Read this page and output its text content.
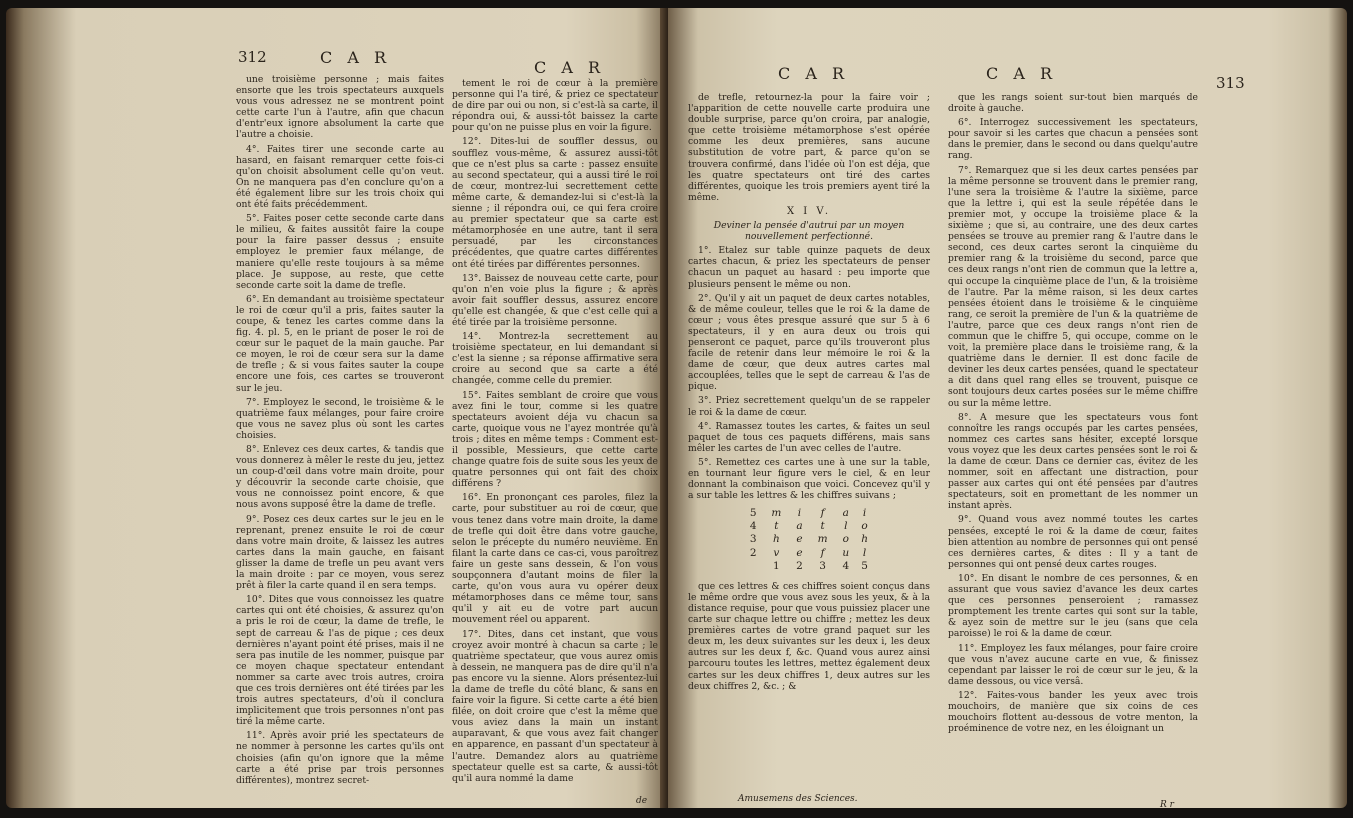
312	C A R
C A R

une troisième personne ; mais faites ensorte que les trois spectateurs auxquels vous vous adressez ne se montrent point cette carte l'un à l'autre, afin que chacun d'entr'eux ignore absolument la carte que l'autre a choisie.

4°. Faites tirer une seconde carte au hasard, en faisant remarquer cette fois-ci qu'on choisit absolument celle qu'on veut. On ne manquera pas d'en conclure qu'on a été également libre sur les trois choix qui ont été faits précédemment.

5°. Faites poser cette seconde carte dans le milieu, & faites aussitôt faire la coupe pour la faire passer dessus ; ensuite employez le premier faux mélange, de maniere qu'elle reste toujours à sa même place. Je suppose, au reste, que cette seconde carte soit la dame de trefle.

6°. En demandant au troisième spectateur le roi de cœur qu'il a pris, faites sauter la coupe, & tenez les cartes comme dans la fig. 4. pl. 5, en le priant de poser le roi de cœur sur le paquet de la main gauche. Par ce moyen, le roi de cœur sera sur la dame de trefle ; & si vous faites sauter la coupe encore une fois, ces cartes se trouveront sur le jeu.

7°. Employez le second, le troisième & le quatrième faux mélanges, pour faire croire que vous ne savez plus où sont les cartes choisies.

8°. Enlevez ces deux cartes, & tandis que vous donnerez à mêler le reste du jeu, jettez un coup-d'œil dans votre main droite, pour y découvrir la seconde carte choisie, que vous ne connoissez point encore, & que nous avons supposé être la dame de trefle.

9°. Posez ces deux cartes sur le jeu en le reprenant, prenez ensuite le roi de cœur dans votre main droite, & laissez les autres cartes dans la main gauche, en faisant glisser la dame de trefle un peu avant vers la main droite : par ce moyen, vous serez prêt à filer la carte quand il en sera temps.

10°. Dites que vous connoissez les quatre cartes qui ont été choisies, & assurez qu'on a pris le roi de cœur, la dame de trefle, le sept de carreau & l'as de pique ; ces deux dernières n'ayant point été prises, mais il ne sera pas inutile de les nommer, puisque par ce moyen chaque spectateur entendant nommer sa carte avec trois autres, croira que ces trois dernières ont été tirées par les trois autres spectateurs, d'où il conclura implicitement que trois personnes n'ont pas tiré la même carte.

11°. Après avoir prié les spectateurs de ne nommer à personne les cartes qu'ils ont choisies (afin qu'on ignore que la même carte a été prise par trois personnes différentes), montrez secret-

tement le roi de cœur à la première personne qui l'a tiré, & priez ce spectateur de dire par oui ou non, si c'est-là sa carte, il répondra oui, & aussi-tôt baissez la carte pour qu'on ne puisse plus en voir la figure.

12°. Dites-lui de souffler dessus, ou soufflez vous-même, & assurez aussi-tôt que ce n'est plus sa carte : passez ensuite au second spectateur, qui a aussi tiré le roi de cœur, montrez-lui secrettement cette même carte, & demandez-lui si c'est-là la sienne ; il répondra oui, ce qui fera croire au premier spectateur que sa carte est métamorphosée en une autre, tant il sera persuadé, par les circonstances précédentes, que quatre cartes différentes ont été tirées par différentes personnes.

13°. Baissez de nouveau cette carte, pour qu'on n'en voie plus la figure ; & après avoir fait souffler dessus, assurez encore qu'elle est changée, & que c'est celle qui a été tirée par la troisième personne.

14°. Montrez-la secrettement au troisième spectateur, en lui demandant si c'est la sienne ; sa réponse affirmative sera croire au second que sa carte a été changée, comme celle du premier.

15°. Faites semblant de croire que vous avez fini le tour, comme si les quatre spectateurs avoient déja vu chacun sa carte, quoique vous ne l'ayez montrée qu'à trois ; dites en même temps : Comment est-il possible, Messieurs, que cette carte change quatre fois de suite sous les yeux de quatre personnes qui ont fait des choix différens ?

16°. En prononçant ces paroles, filez la carte, pour substituer au roi de cœur, que vous tenez dans votre main droite, la dame de trefle qui doit être dans votre gauche, selon le précepte du numéro neuvième. En filant la carte dans ce cas-ci, vous paroîtrez faire un geste sans dessein, & l'on vous soupçonnera d'autant moins de filer la carte, qu'on vous aura vu opérer deux métamorphoses dans ce même tour, sans qu'il y ait eu de votre part aucun mouvement réel ou apparent.

17°. Dites, dans cet instant, que vous croyez avoir montré à chacun sa carte ; le quatrième spectateur, que vous aurez omis à dessein, ne manquera pas de dire qu'il n'a pas encore vu la sienne. Alors présentez-lui la dame de trefle du côté blanc, & sans en faire voir la figure. Si cette carte a été bien filée, on doit croire que c'est la même que vous aviez dans la main un instant auparavant, & que vous avez fait changer en apparence, en passant d'un spectateur à l'autre. Demandez alors au quatrième spectateur quelle est sa carte, & aussi-tôt qu'il aura nommé la dame

de
C A R	C A R	313

de trefle, retournez-la pour la faire voir ; l'apparition de cette nouvelle carte produira une double surprise, parce qu'on croira, par analogie, que cette troisième métamorphose s'est opérée comme les deux premières, sans aucune substitution de votre part, & parce qu'on se trouvera confirmé, dans l'idée où l'on est déja, que les quatre spectateurs ont tiré des cartes différentes, quoique les trois premiers ayent tiré la même.

X I V.

Deviner la pensée d'autrui par un moyen nouvellement perfectionné.

1°. Etalez sur table quinze paquets de deux cartes chacun, & priez les spectateurs de penser chacun un paquet au hasard : peu importe que plusieurs pensent le même ou non.

2°. Qu'il y ait un paquet de deux cartes notables, & de même couleur, telles que le roi & la dame de cœur ; vous êtes presque assuré que sur 5 à 6 spectateurs, il y en aura deux ou trois qui penseront ce paquet, parce qu'ils trouveront plus facile de retenir dans leur mémoire le roi & la dame de cœur, que deux autres cartes mal accouplées, telles que le sept de carreau & l'as de pique.

3°. Priez secrettement quelqu'un de se rappeler le roi & la dame de cœur.

4°. Ramassez toutes les cartes, & faites un seul paquet de tous ces paquets différens, mais sans mêler les cartes de l'un avec celles de l'autre.

5°. Remettez ces cartes une à une sur la table, en tournant leur figure vers le ciel, & en leur donnant la combinaison que voici. Concevez qu'il y a sur table les lettres & les chiffres suivans ;

5	m	i	f	a	i
4	t	a	t	l	o
3	h	e	m	o	h
2	v	e	f	u	l
	1	2	3	4	5

que ces lettres & ces chiffres soient conçus dans le même ordre que vous avez sous les yeux, & à la distance requise, pour que vous puissiez placer une carte sur chaque lettre ou chiffre ; mettez les deux premières cartes de votre grand paquet sur les deux m, les deux suivantes sur les deux i, les deux autres sur les deux f, &c. Quand vous aurez ainsi parcouru toutes les lettres, mettez également deux cartes sur les deux chiffres 1, deux autres sur les deux chiffres 2, &c. ; &

Amusemens des Sciences.

que les rangs soient sur-tout bien marqués de droite à gauche.

6°. Interrogez successivement les spectateurs, pour savoir si les cartes que chacun a pensées sont dans le premier, dans le second ou dans quelqu'autre rang.

7°. Remarquez que si les deux cartes pensées par la même personne se trouvent dans le premier rang, l'une sera la troisième & l'autre la sixième, parce que la lettre i, qui est la seule répétée dans le premier mot, y occupe la troisième place & la sixième ; que si, au contraire, une des deux cartes pensées se trouve au premier rang & l'autre dans le second, ces deux cartes seront la cinquième du premier rang & la troisième du second, parce que ces deux rangs n'ont rien de commun que la lettre a, qui occupe la cinquième place de l'un, & la troisième de l'autre. Par la même raison, si les deux cartes pensées étoient dans le troisième & le cinquième rang, ce seroit la première de l'un & la quatrième de l'autre, parce que ces deux rangs n'ont rien de commun que le chiffre 5, qui occupe, comme on le voit, la première place dans le troisième rang, & la quatrième dans le dernier. Il est donc facile de deviner les deux cartes pensées, quand le spectateur a dit dans quel rang elles se trouvent, puisque ce sont toujours deux cartes posées sur le même chiffre ou sur la même lettre.

8°. A mesure que les spectateurs vous font connoître les rangs occupés par les cartes pensées, nommez ces cartes sans hésiter, excepté lorsque vous voyez que les deux cartes pensées sont le roi & la dame de cœur. Dans ce dernier cas, évitez de les nommer, soit en affectant une distraction, pour passer aux cartes qui ont été pensées par d'autres spectateurs, soit en promettant de les nommer un instant après.

9°. Quand vous avez nommé toutes les cartes pensées, excepté le roi & la dame de cœur, faites bien attention au nombre de personnes qui ont pensé ces dernières cartes, & dites : Il y a tant de personnes qui ont pensé deux cartes rouges.

10°. En disant le nombre de ces personnes, & en assurant que vous saviez d'avance les deux cartes que ces personnes penseroient ; ramassez promptement les trente cartes qui sont sur la table, & ayez soin de mettre sur le jeu (sans que cela paroisse) le roi & la dame de cœur.

11°. Employez les faux mélanges, pour faire croire que vous n'avez aucune carte en vue, & finissez cependant par laisser le roi de cœur sur le jeu, & la dame dessous, ou vice versâ.

12°. Faites-vous bander les yeux avec trois mouchoirs, de manière que six coins de ces mouchoirs flottent au-dessous de votre menton, la proéminence de votre nez, en les éloignant un

R r
